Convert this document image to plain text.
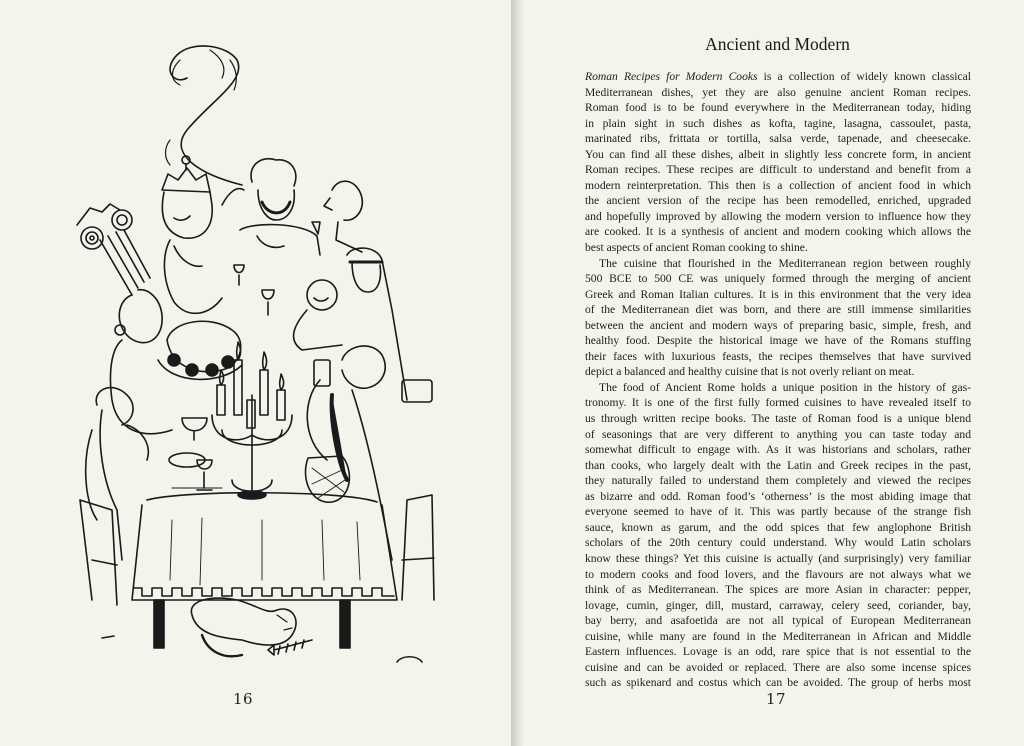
16
Ancient and Modern
Roman Recipes for Modern Cooks is a collection of widely known classical
Mediterranean dishes, yet they are also genuine ancient Roman recipes.
Roman food is to be found everywhere in the Mediterranean today, hiding
in plain sight in such dishes as kofta, tagine, lasagna, cassoulet, pasta,
marinated ribs, frittata or tortilla, salsa verde, tapenade, and cheesecake.
You can find all these dishes, albeit in slightly less concrete form, in ancient
Roman recipes. These recipes are difficult to understand and benefit from a
modern reinterpretation. This then is a collection of ancient food in which
the ancient version of the recipe has been remodelled, enriched, upgraded
and hopefully improved by allowing the modern version to influence how they
are cooked. It is a synthesis of ancient and modern cooking which allows the
best aspects of ancient Roman cooking to shine.
The cuisine that flourished in the Mediterranean region between roughly
500 BCE to 500 CE was uniquely formed through the merging of ancient
Greek and Roman Italian cultures. It is in this environment that the very idea
of the Mediterranean diet was born, and there are still immense similarities
between the ancient and modern ways of preparing basic, simple, fresh, and
healthy food. Despite the historical image we have of the Romans stuffing
their faces with luxurious feasts, the recipes themselves that have survived
depict a balanced and healthy cuisine that is not overly reliant on meat.
The food of Ancient Rome holds a unique position in the history of gas-
tronomy. It is one of the first fully formed cuisines to have revealed itself to
us through written recipe books. The taste of Roman food is a unique blend
of seasonings that are very different to anything you can taste today and
somewhat difficult to engage with. As it was historians and scholars, rather
than cooks, who largely dealt with the Latin and Greek recipes in the past,
they naturally failed to understand them completely and viewed the recipes
as bizarre and odd. Roman food’s ‘otherness’ is the most abiding image that
everyone seemed to have of it. This was partly because of the strange fish
sauce, known as garum, and the odd spices that few anglophone British
scholars of the 20th century could understand. Why would Latin scholars
know these things? Yet this cuisine is actually (and surprisingly) very familiar
to modern cooks and food lovers, and the flavours are not always what we
think of as Mediterranean. The spices are more Asian in character: pepper,
lovage, cumin, ginger, dill, mustard, carraway, celery seed, coriander, bay,
bay berry, and asafoetida are not all typical of European Mediterranean
cuisine, while many are found in the Mediterranean in African and Middle
Eastern influences. Lovage is an odd, rare spice that is not essential to the
cuisine and can be avoided or replaced. There are also some incense spices
such as spikenard and costus which can be avoided. The group of herbs most
17
